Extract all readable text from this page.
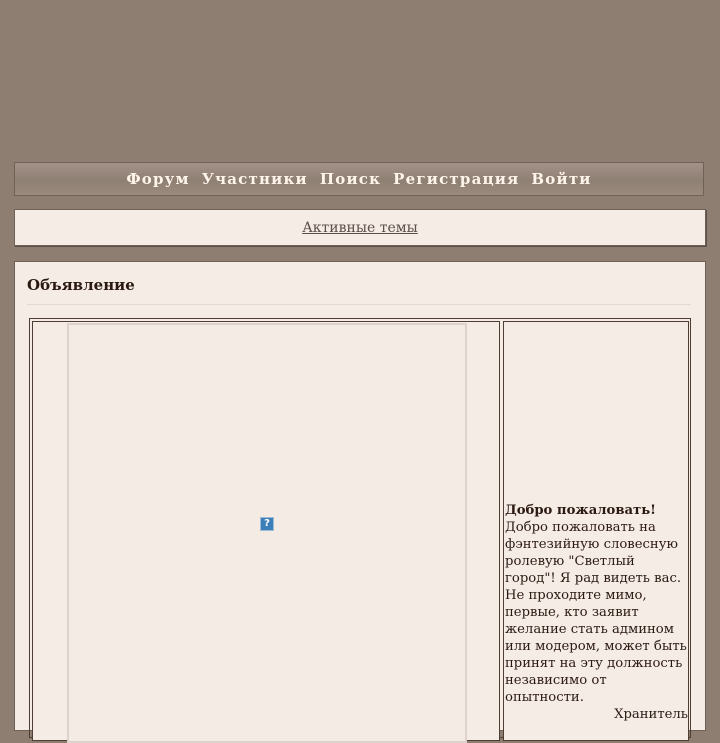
Форум Участники Поиск Регистрация Войти
Активные темы
Объявление
?
Добро пожаловать!
Добро пожаловать на фэнтезийную словесную ролевую "Светлый город"! Я рад видеть вас. Не проходите мимо, первые, кто заявит желание стать админом или модером, может быть принят на эту должность независимо от опытности.
Хранитель
